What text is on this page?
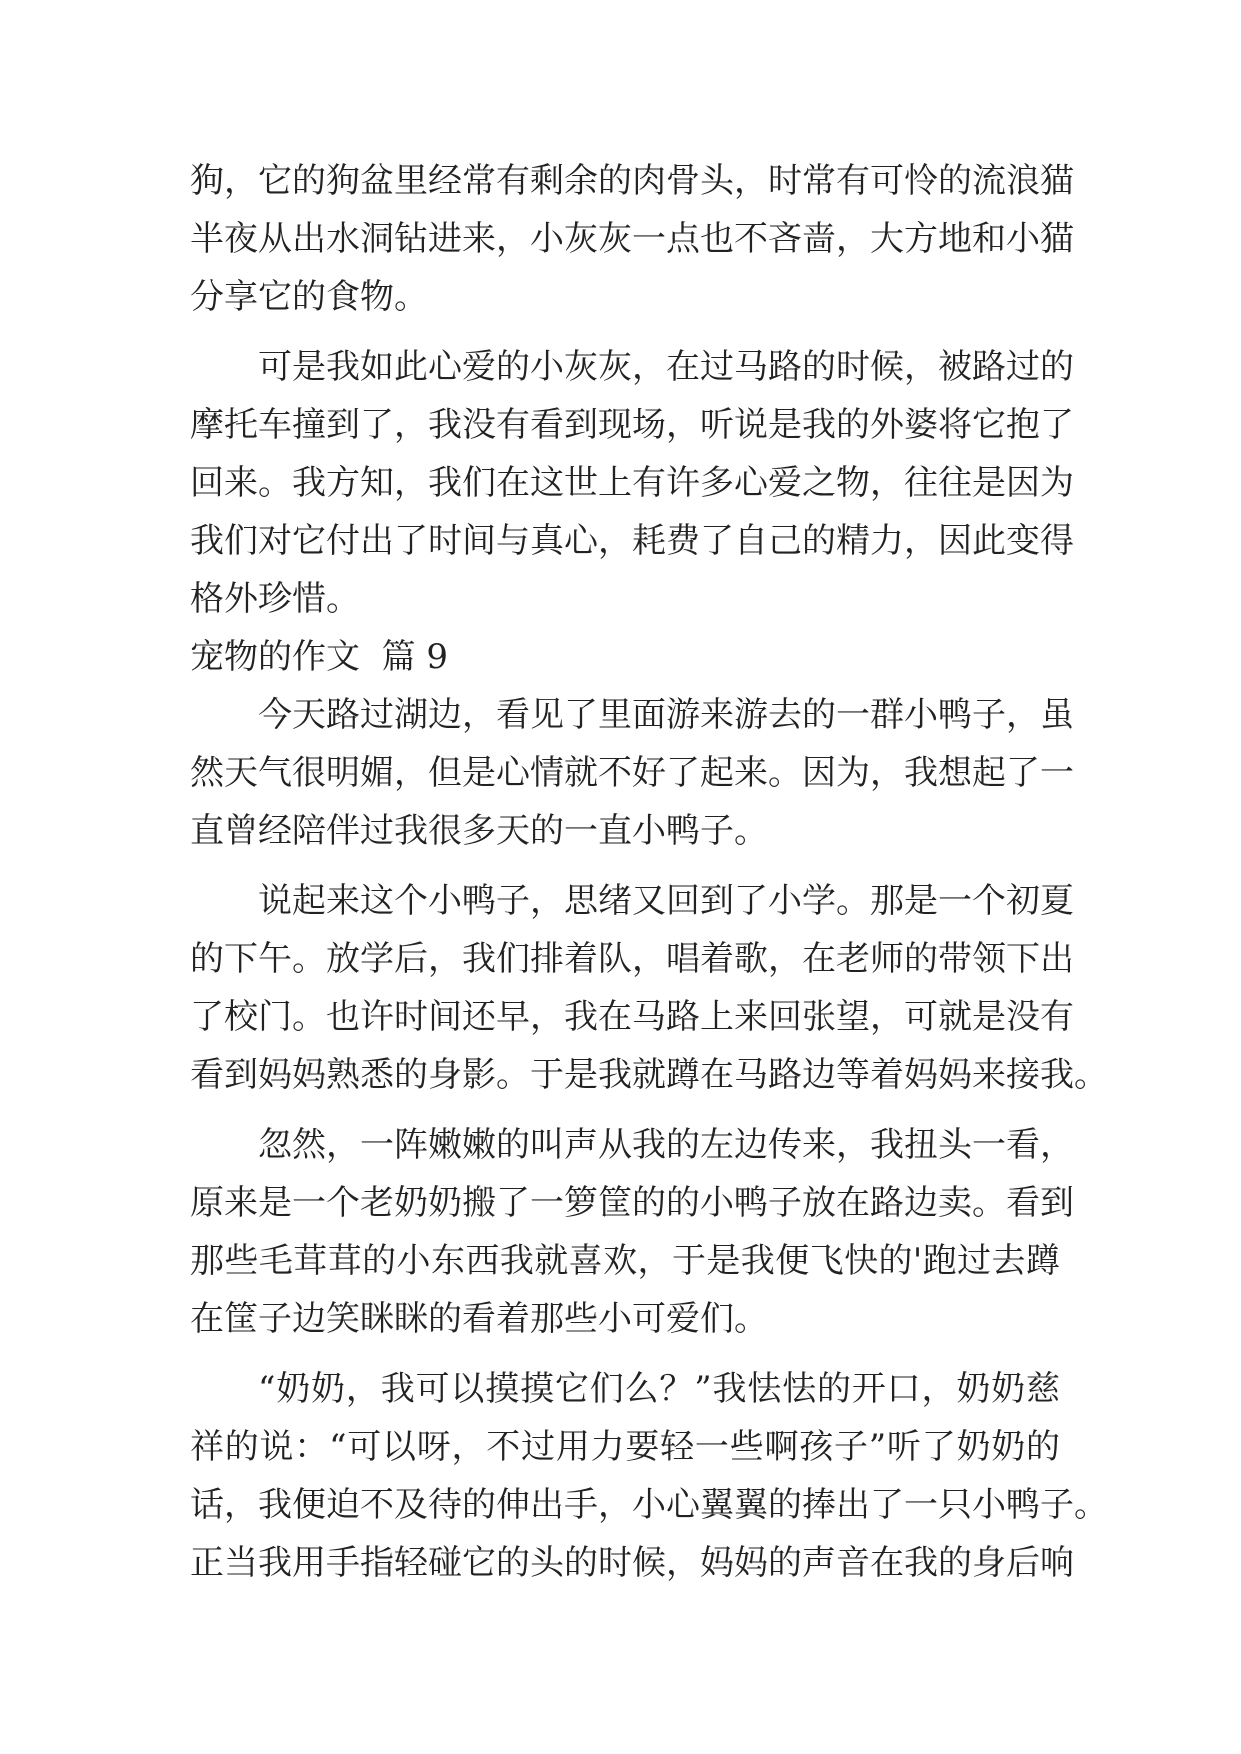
狗，它的狗盆里经常有剩余的肉骨头，时常有可怜的流浪猫
半夜从出水洞钻进来，小灰灰一点也不吝啬，大方地和小猫
分享它的食物。
可是我如此心爱的小灰灰，在过马路的时候，被路过的
摩托车撞到了，我没有看到现场，听说是我的外婆将它抱了
回来。我方知，我们在这世上有许多心爱之物，往往是因为
我们对它付出了时间与真心，耗费了自己的精力，因此变得
格外珍惜。
宠物的作文  篇 9
今天路过湖边，看见了里面游来游去的一群小鸭子，虽
然天气很明媚，但是心情就不好了起来。因为，我想起了一
直曾经陪伴过我很多天的一直小鸭子。
说起来这个小鸭子，思绪又回到了小学。那是一个初夏
的下午。放学后，我们排着队，唱着歌，在老师的带领下出
了校门。也许时间还早，我在马路上来回张望，可就是没有
看到妈妈熟悉的身影。于是我就蹲在马路边等着妈妈来接我。
忽然，一阵嫩嫩的叫声从我的左边传来，我扭头一看，
原来是一个老奶奶搬了一箩筐的的小鸭子放在路边卖。看到
那些毛茸茸的小东西我就喜欢，于是我便飞快的'跑过去蹲
在筐子边笑眯眯的看着那些小可爱们。
“奶奶，我可以摸摸它们么？”我怯怯的开口，奶奶慈
祥的说：“可以呀，不过用力要轻一些啊孩子”听了奶奶的
话，我便迫不及待的伸出手，小心翼翼的捧出了一只小鸭子。
正当我用手指轻碰它的头的时候，妈妈的声音在我的身后响
